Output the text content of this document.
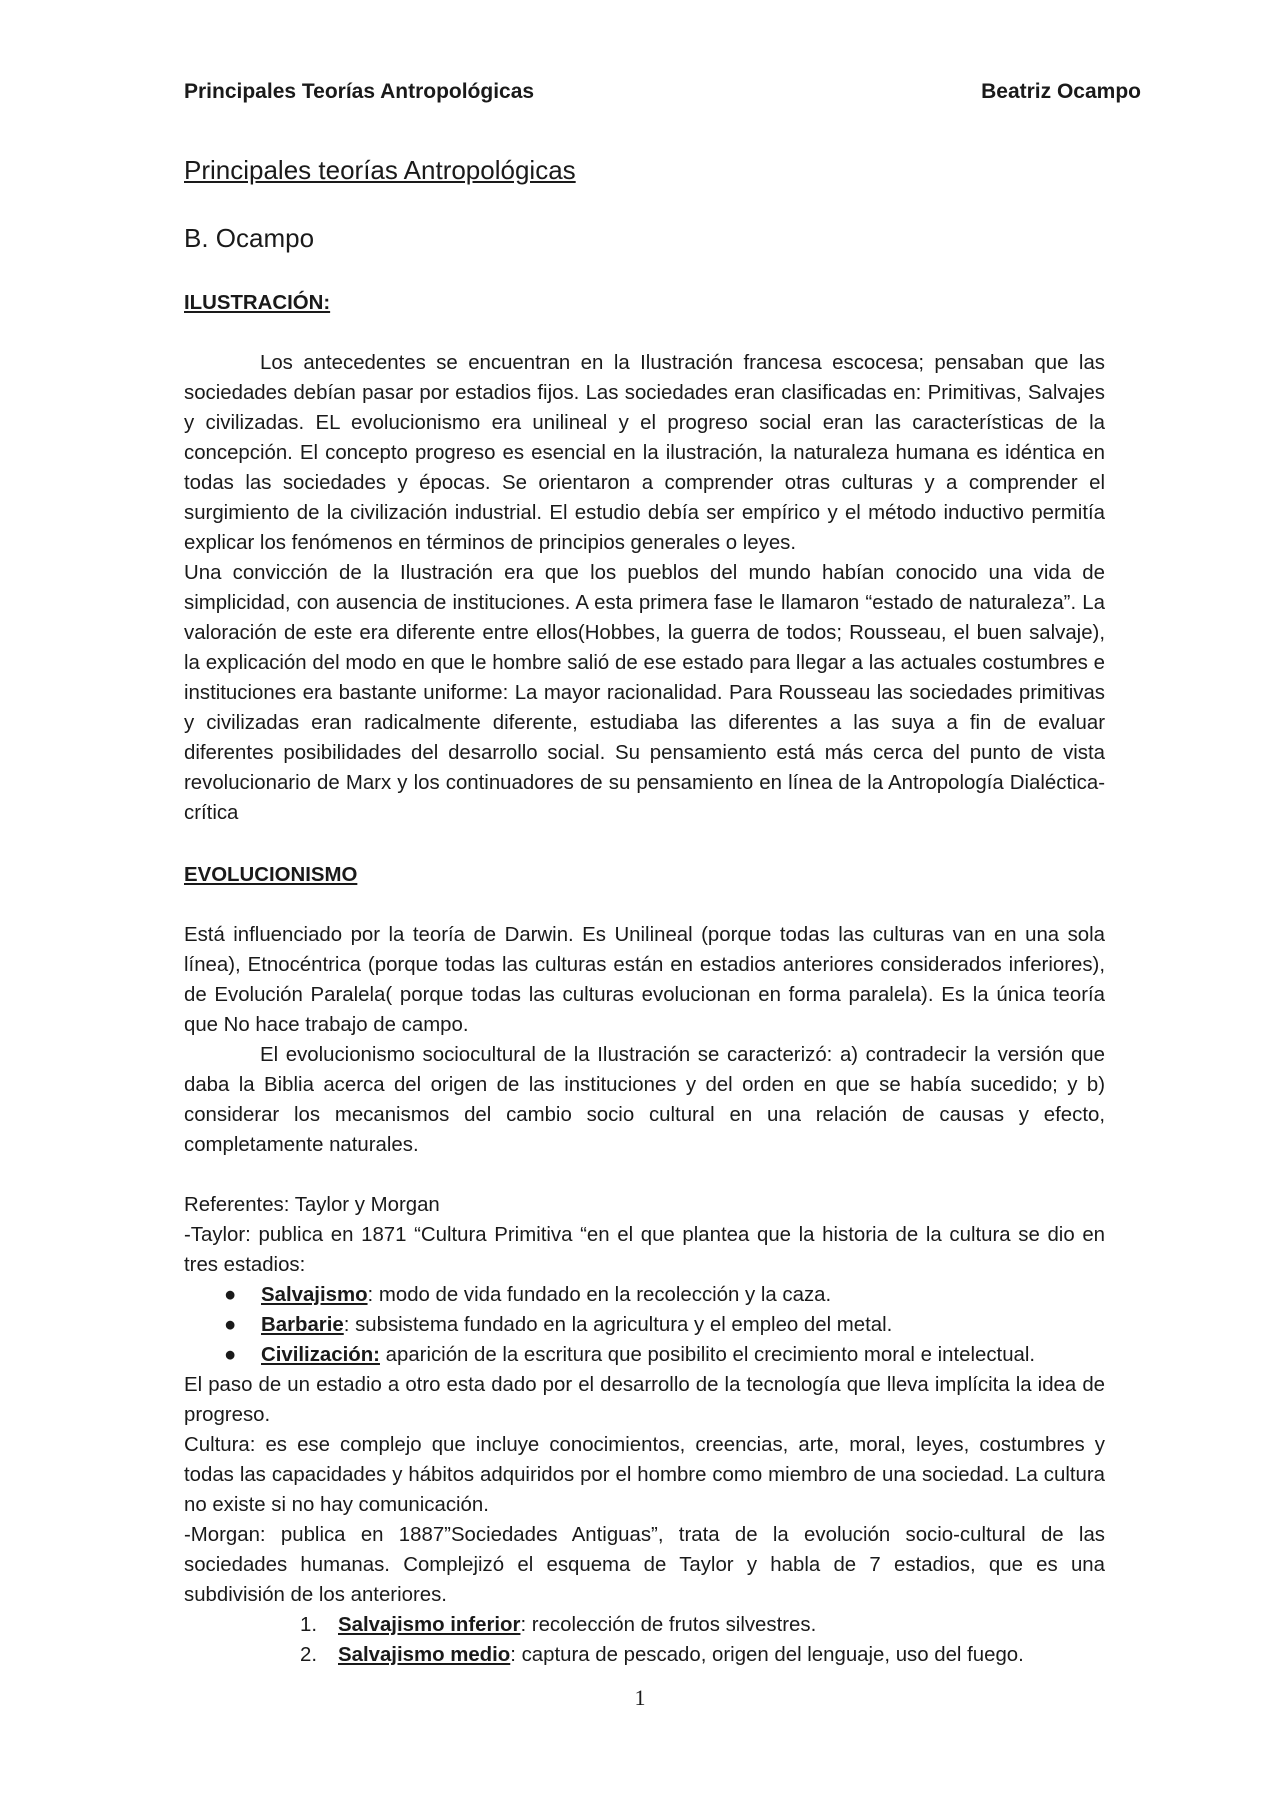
Principales Teorías Antropológicas	Beatriz Ocampo
Principales teorías Antropológicas
B. Ocampo
ILUSTRACIÓN:

Los antecedentes se encuentran en la Ilustración francesa escocesa; pensaban que las sociedades debían pasar por estadios fijos. Las sociedades eran clasificadas en: Primitivas, Salvajes y civilizadas. EL evolucionismo era unilineal y el progreso social eran las características de la concepción. El concepto progreso es esencial en la ilustración, la naturaleza humana es idéntica en todas las sociedades y épocas. Se orientaron a comprender otras culturas y a comprender el surgimiento de la civilización industrial. El estudio debía ser empírico y el método inductivo permitía explicar los fenómenos en términos de principios generales o leyes.

Una convicción de la Ilustración era que los pueblos del mundo habían conocido una vida de simplicidad, con ausencia de instituciones. A esta primera fase le llamaron “estado de naturaleza”. La valoración de este era diferente entre ellos(Hobbes, la guerra de todos; Rousseau, el buen salvaje), la explicación del modo en que le hombre salió de ese estado para llegar a las actuales costumbres e instituciones era bastante uniforme: La mayor racionalidad. Para Rousseau las sociedades primitivas y civilizadas eran radicalmente diferente, estudiaba las diferentes a las suya a fin de evaluar diferentes posibilidades del desarrollo social. Su pensamiento está más cerca del punto de vista revolucionario de Marx y los continuadores de su pensamiento en línea de la Antropología Dialéctica- crítica

EVOLUCIONISMO

Está influenciado por la teoría de Darwin. Es Unilineal (porque todas las culturas van en una sola línea), Etnocéntrica (porque todas las culturas están en estadios anteriores considerados inferiores), de Evolución Paralela( porque todas las culturas evolucionan en forma paralela). Es la única teoría que No hace trabajo de campo.

El evolucionismo sociocultural de la Ilustración se caracterizó: a) contradecir la versión que daba la Biblia acerca del origen de las instituciones y del orden en que se había sucedido; y b) considerar los mecanismos del cambio socio cultural en una relación de causas y efecto, completamente naturales.

Referentes: Taylor y Morgan

-Taylor: publica en 1871 “Cultura Primitiva “en el que plantea que la historia de la cultura se dio en tres estadios:

● Salvajismo: modo de vida fundado en la recolección y la caza.
● Barbarie: subsistema fundado en la agricultura y el empleo del metal.
● Civilización: aparición de la escritura que posibilito el crecimiento moral e intelectual.

El paso de un estadio a otro esta dado por el desarrollo de la tecnología que lleva implícita la idea de progreso.

Cultura: es ese complejo que incluye conocimientos, creencias, arte, moral, leyes, costumbres y todas las capacidades y hábitos adquiridos por el hombre como miembro de una sociedad. La cultura no existe si no hay comunicación.

-Morgan: publica en 1887”Sociedades Antiguas”, trata de la evolución socio-cultural de las sociedades humanas. Complejizó el esquema de Taylor y habla de 7 estadios, que es una subdivisión de los anteriores.

1. Salvajismo inferior: recolección de frutos silvestres.
2. Salvajismo medio: captura de pescado, origen del lenguaje, uso del fuego.
1
